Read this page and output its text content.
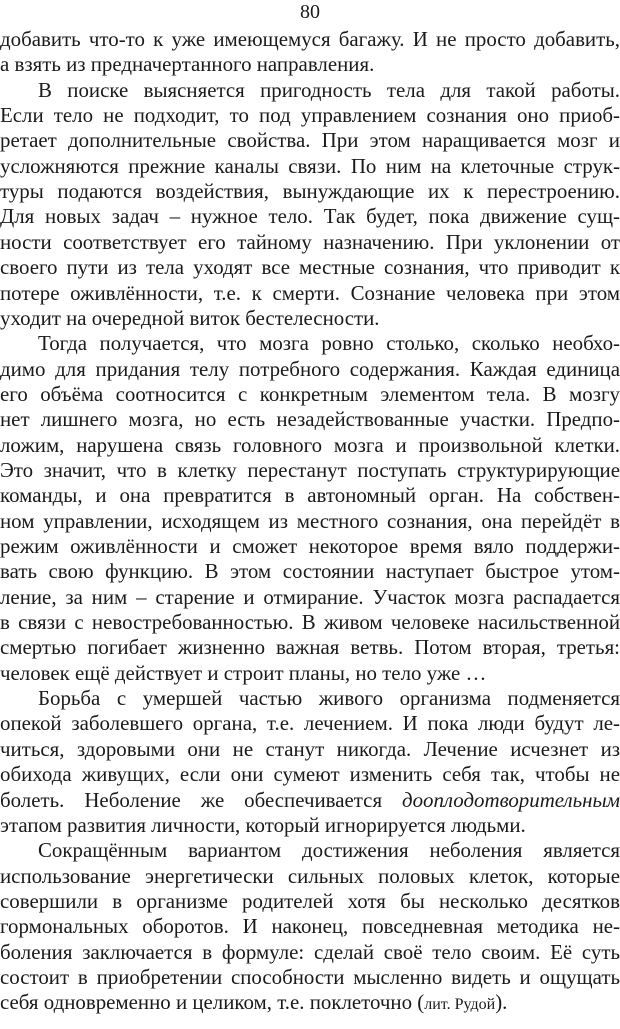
80
добавить что-то к уже имеющемуся багажу. И не просто добавить,
а взять из предначертанного направления.
В поиске выясняется пригодность тела для такой работы.
Если тело не подходит, то под управлением сознания оно приоб-
ретает дополнительные свойства. При этом наращивается мозг и
усложняются прежние каналы связи. По ним на клеточные струк-
туры подаются воздействия, вынуждающие их к перестроению.
Для новых задач – нужное тело. Так будет, пока движение сущ-
ности соответствует его тайному назначению. При уклонении от
своего пути из тела уходят все местные сознания, что приводит к
потере оживлённости, т.е. к смерти. Сознание человека при этом
уходит на очередной виток бестелесности.
Тогда получается, что мозга ровно столько, сколько необхо-
димо для придания телу потребного содержания. Каждая единица
его объёма соотносится с конкретным элементом тела. В мозгу
нет лишнего мозга, но есть незадействованные участки. Предпо-
ложим, нарушена связь головного мозга и произвольной клетки.
Это значит, что в клетку перестанут поступать структурирующие
команды, и она превратится в автономный орган. На собствен-
ном управлении, исходящем из местного сознания, она перейдёт в
режим оживлённости и сможет некоторое время вяло поддержи-
вать свою функцию. В этом состоянии наступает быстрое утом-
ление, за ним – старение и отмирание. Участок мозга распадается
в связи с невостребованностью. В живом человеке насильственной
смертью погибает жизненно важная ветвь. Потом вторая, третья:
человек ещё действует и строит планы, но тело уже …
Борьба с умершей частью живого организма подменяется
опекой заболевшего органа, т.е. лечением. И пока люди будут ле-
читься, здоровыми они не станут никогда. Лечение исчезнет из
обихода живущих, если они сумеют изменить себя так, чтобы не
болеть. Неболение же обеспечивается дооплодотворительным
этапом развития личности, который игнорируется людьми.
Сокращённым вариантом достижения неболения является
использование энергетически сильных половых клеток, которые
совершили в организме родителей хотя бы несколько десятков
гормональных оборотов. И наконец, повседневная методика не-
боления заключается в формуле: сделай своё тело своим. Её суть
состоит в приобретении способности мысленно видеть и ощущать
себя одновременно и целиком, т.е. поклеточно (лит. Рудой).
